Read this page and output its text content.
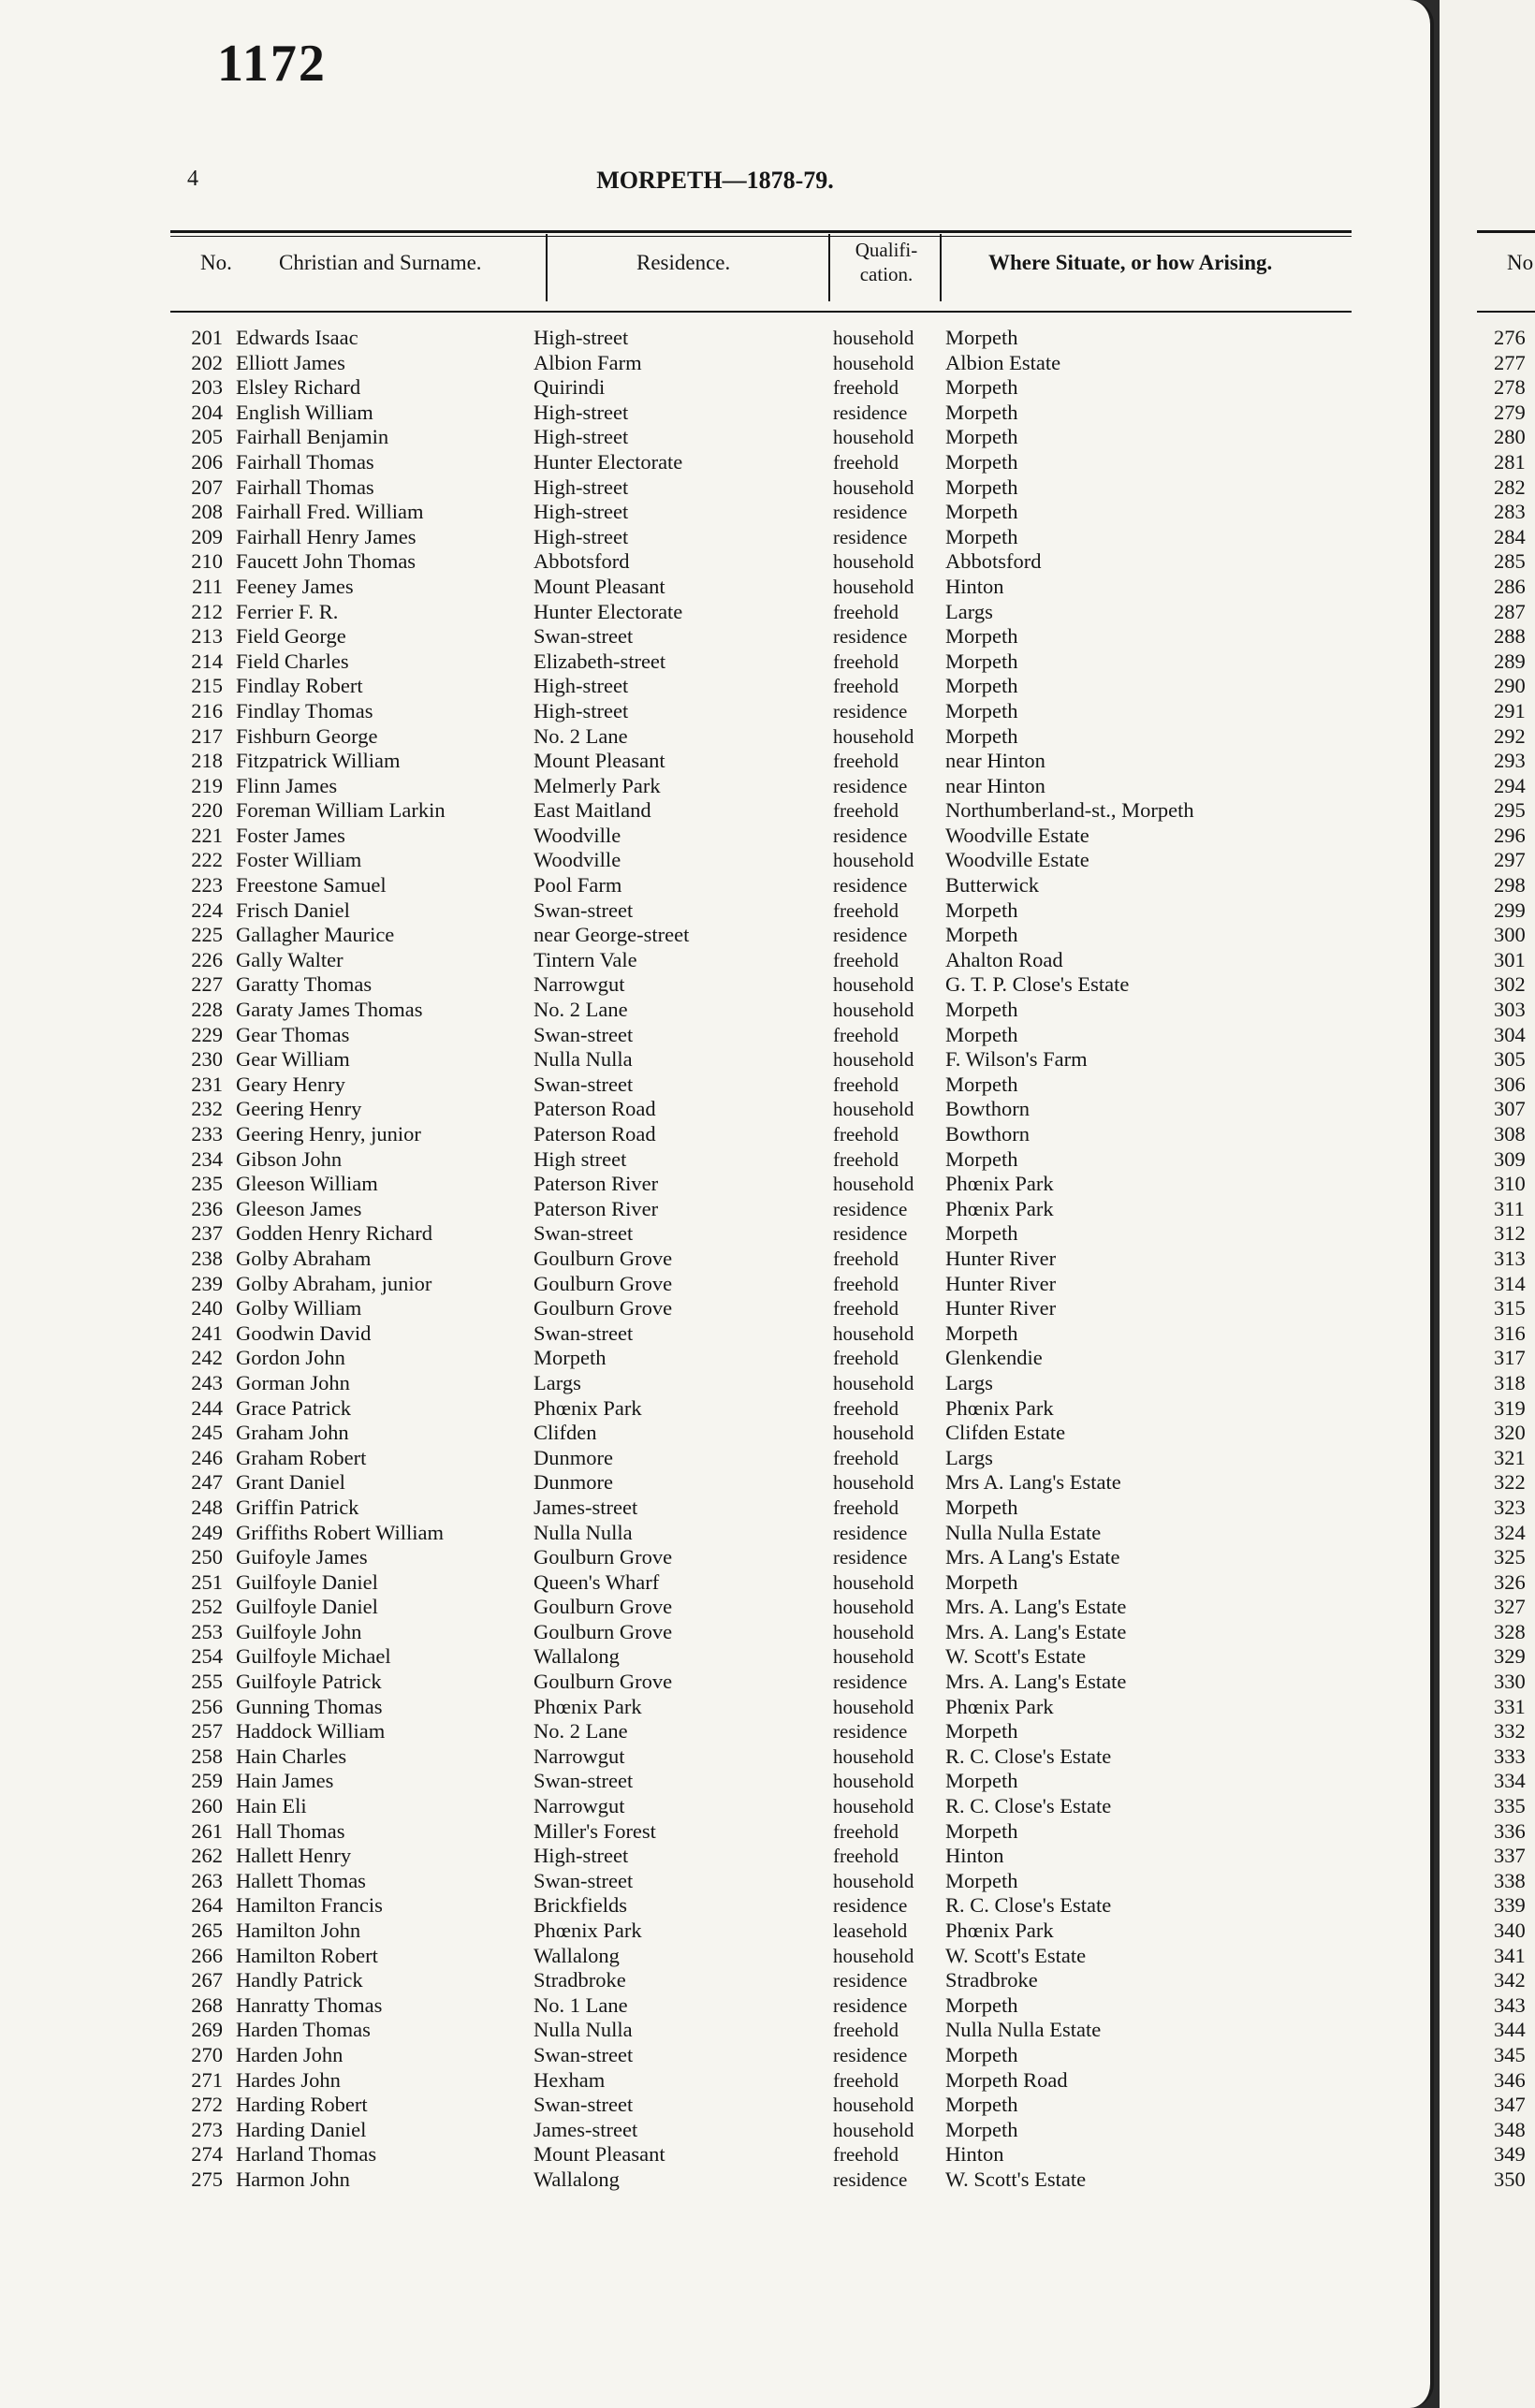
1172
4	MORPETH—1878-79.
No. Christian and Surname.	Residence.
Qualifi-
cation.	Where Situate, or how Arising.
201 Edwards Isaac	High-street	household Morpeth
202 Elliott James	Albion Farm	household Albion Estate
203 Elsley Richard	Quirindi	freehold Morpeth
204 English William	High-street	residence Morpeth
205 Fairhall Benjamin	High-street	household Morpeth
206 Fairhall Thomas	Hunter Electorate	freehold Morpeth
207 Fairhall Thomas	High-street	household Morpeth
208 Fairhall Fred. William	High-street	residence Morpeth
209 Fairhall Henry James	High-street	residence Morpeth
210 Faucett John Thomas	Abbotsford	household Abbotsford
211 Feeney James	Mount Pleasant	household Hinton
212 Ferrier F. R.	Hunter Electorate	freehold Largs
213 Field George	Swan-street	residence Morpeth
214 Field Charles	Elizabeth-street	freehold Morpeth
215 Findlay Robert	High-street	freehold Morpeth
216 Findlay Thomas	High-street	residence Morpeth
217 Fishburn George	No. 2 Lane	household Morpeth
218 Fitzpatrick William	Mount Pleasant	freehold near Hinton
219 Flinn James	Melmerly Park	residence near Hinton
220 Foreman William Larkin	East Maitland	freehold Northumberland-st., Morpeth
221 Foster James	Woodville	residence Woodville Estate
222 Foster William	Woodville	household Woodville Estate
223 Freestone Samuel	Pool Farm	residence Butterwick
224 Frisch Daniel	Swan-street	freehold Morpeth
225 Gallagher Maurice	near George-street	residence Morpeth
226 Gally Walter	Tintern Vale	freehold Ahalton Road
227 Garatty Thomas	Narrowgut	household G. T. P. Close's Estate
228 Garaty James Thomas	No. 2 Lane	household Morpeth
229 Gear Thomas	Swan-street	freehold Morpeth
230 Gear William	Nulla Nulla	household F. Wilson's Farm
231 Geary Henry	Swan-street	freehold Morpeth
232 Geering Henry	Paterson Road	household Bowthorn
233 Geering Henry, junior	Paterson Road	freehold Bowthorn
234 Gibson John	High street	freehold Morpeth
235 Gleeson William	Paterson River	household Phœnix Park
236 Gleeson James	Paterson River	residence Phœnix Park
237 Godden Henry Richard	Swan-street	residence Morpeth
238 Golby Abraham	Goulburn Grove	freehold Hunter River
239 Golby Abraham, junior	Goulburn Grove	freehold Hunter River
240 Golby William	Goulburn Grove	freehold Hunter River
241 Goodwin David	Swan-street	household Morpeth
242 Gordon John	Morpeth	freehold Glenkendie
243 Gorman John	Largs	household Largs
244 Grace Patrick	Phœnix Park	freehold Phœnix Park
245 Graham John	Clifden	household Clifden Estate
246 Graham Robert	Dunmore	freehold Largs
247 Grant Daniel	Dunmore	household Mrs A. Lang's Estate
248 Griffin Patrick	James-street	freehold Morpeth
249 Griffiths Robert William	Nulla Nulla	residence Nulla Nulla Estate
250 Guifoyle James	Goulburn Grove	residence Mrs. A Lang's Estate
251 Guilfoyle Daniel	Queen's Wharf	household Morpeth
252 Guilfoyle Daniel	Goulburn Grove	household Mrs. A. Lang's Estate
253 Guilfoyle John	Goulburn Grove	household Mrs. A. Lang's Estate
254 Guilfoyle Michael	Wallalong	household W. Scott's Estate
255 Guilfoyle Patrick	Goulburn Grove	residence Mrs. A. Lang's Estate
256 Gunning Thomas	Phœnix Park	household Phœnix Park
257 Haddock William	No. 2 Lane	residence Morpeth
258 Hain Charles	Narrowgut	household R. C. Close's Estate
259 Hain James	Swan-street	household Morpeth
260 Hain Eli	Narrowgut	household R. C. Close's Estate
261 Hall Thomas	Miller's Forest	freehold Morpeth
262 Hallett Henry	High-street	freehold Hinton
263 Hallett Thomas	Swan-street	household Morpeth
264 Hamilton Francis	Brickfields	residence R. C. Close's Estate
265 Hamilton John	Phœnix Park	leasehold Phœnix Park
266 Hamilton Robert	Wallalong	household W. Scott's Estate
267 Handly Patrick	Stradbroke	residence Stradbroke
268 Hanratty Thomas	No. 1 Lane	residence Morpeth
269 Harden Thomas	Nulla Nulla	freehold Nulla Nulla Estate
270 Harden John	Swan-street	residence Morpeth
271 Hardes John	Hexham	freehold Morpeth Road
272 Harding Robert	Swan-street	household Morpeth
273 Harding Daniel	James-street	household Morpeth
274 Harland Thomas	Mount Pleasant	freehold Hinton
275 Harmon John	Wallalong	residence W. Scott's Estate
No
276
277
278
279
280
281
282
283
284
285
286
287
288
289
290
291
292
293
294
295
296
297
298
299
300
301
302
303
304
305
306
307
308
309
310
311
312
313
314
315
316
317
318
319
320
321
322
323
324
325
326
327
328
329
330
331
332
333
334
335
336
337
338
339
340
341
342
343
344
345
346
347
348
349
350
